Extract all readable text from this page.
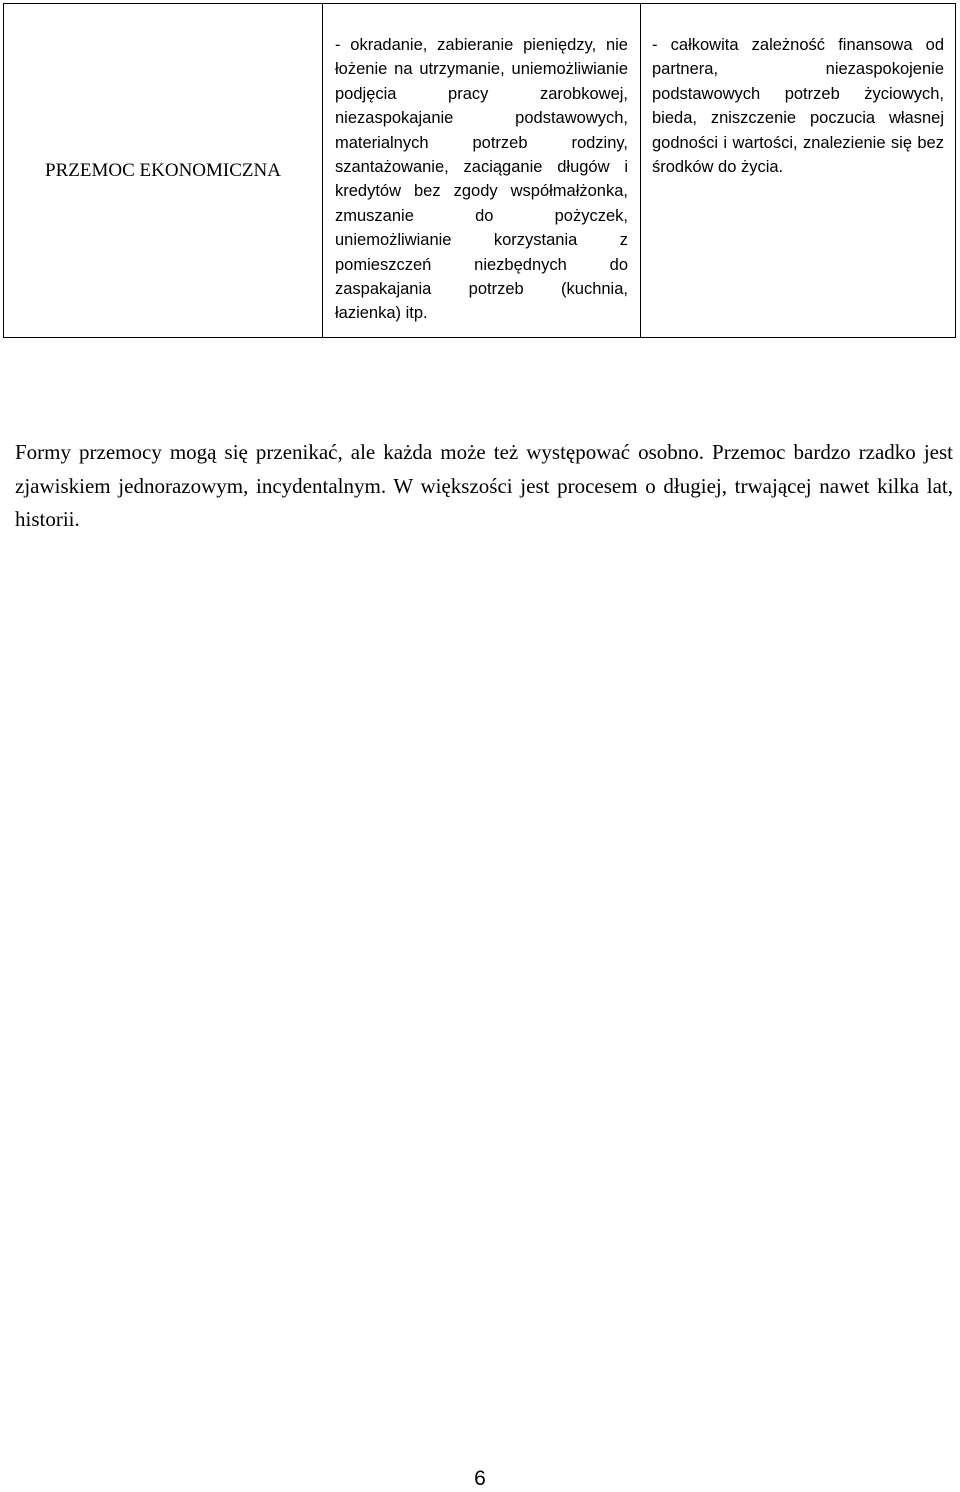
PRZEMOC EKONOMICZNA

- okradanie, zabieranie pieniędzy, nie łożenie na utrzymanie, uniemożliwianie podjęcia pracy zarobkowej, niezaspokajanie podstawowych, materialnych potrzeb rodziny, szantażowanie, zaciąganie długów i kredytów bez zgody współmałżonka, zmuszanie do pożyczek, uniemożliwianie korzystania z pomieszczeń niezbędnych do zaspakajania potrzeb (kuchnia, łazienka) itp.

- całkowita zależność finansowa od partnera, niezaspokojenie podstawowych potrzeb życiowych, bieda, zniszczenie poczucia własnej godności i wartości, znalezienie się bez środków do życia.

Formy przemocy mogą się przenikać, ale każda może też występować osobno. Przemoc bardzo rzadko jest zjawiskiem jednorazowym, incydentalnym. W większości jest procesem o długiej, trwającej nawet kilka lat, historii.

6
